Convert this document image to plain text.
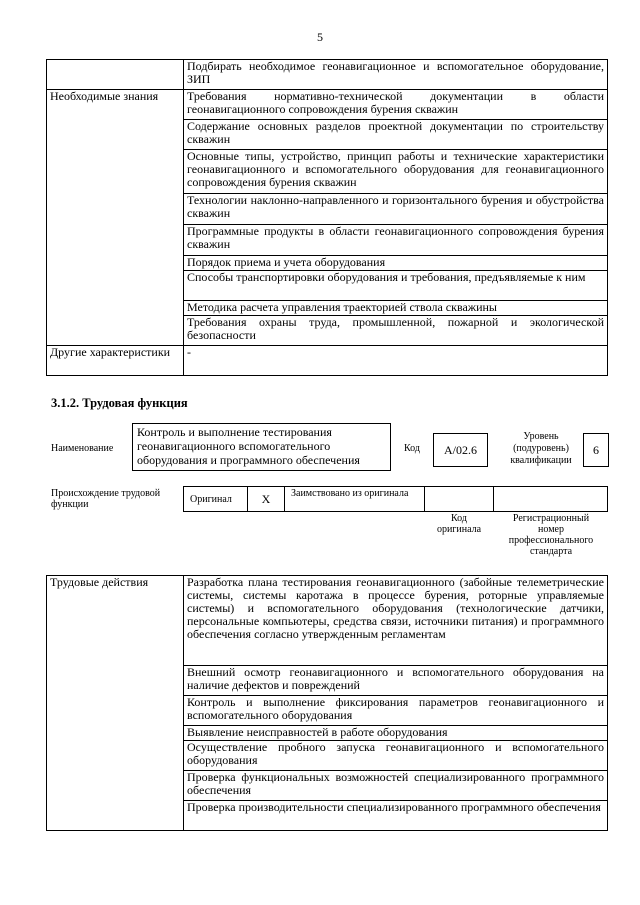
5
	Подбирать необходимое геонавигационное и вспомогательное оборудование, ЗИП
Необходимые знания	Требования нормативно-технической документации в области геонавигационного сопровождения бурения скважин
	Содержание основных разделов проектной документации по строительству скважин
	Основные типы, устройство, принцип работы и технические характеристики геонавигационного и вспомогательного оборудования для геонавигационного сопровождения бурения скважин
	Технологии наклонно-направленного и горизонтального бурения и обустройства скважин
	Программные продукты в области геонавигационного сопровождения бурения скважин
	Порядок приема и учета оборудования
	Способы транспортировки оборудования и требования, предъявляемые к ним
	Методика расчета управления траекторией ствола скважины
	Требования охраны труда, промышленной, пожарной и экологической безопасности
Другие характеристики	-
3.1.2. Трудовая функция
Наименование
Контроль и выполнение тестирования геонавигационного вспомогательного оборудования и программного обеспечения
Код	A/02.6
Уровень (подуровень) квалификации
6
Происхождение трудовой функции	Оригинал	X	Заимствовано из оригинала
Код оригинала
Регистрационный номер профессионального стандарта
Трудовые действия	Разработка плана тестирования геонавигационного (забойные телеметрические системы, системы каротажа в процессе бурения, роторные управляемые системы) и вспомогательного оборудования (технологические датчики, персональные компьютеры, средства связи, источники питания) и программного обеспечения согласно утвержденным регламентам
Внешний осмотр геонавигационного и вспомогательного оборудования на наличие дефектов и повреждений
Контроль и выполнение фиксирования параметров геонавигационного и вспомогательного оборудования
Выявление неисправностей в работе оборудования
Осуществление пробного запуска геонавигационного и вспомогательного оборудования
Проверка функциональных возможностей специализированного программного обеспечения
Проверка производительности специализированного программного обеспечения
